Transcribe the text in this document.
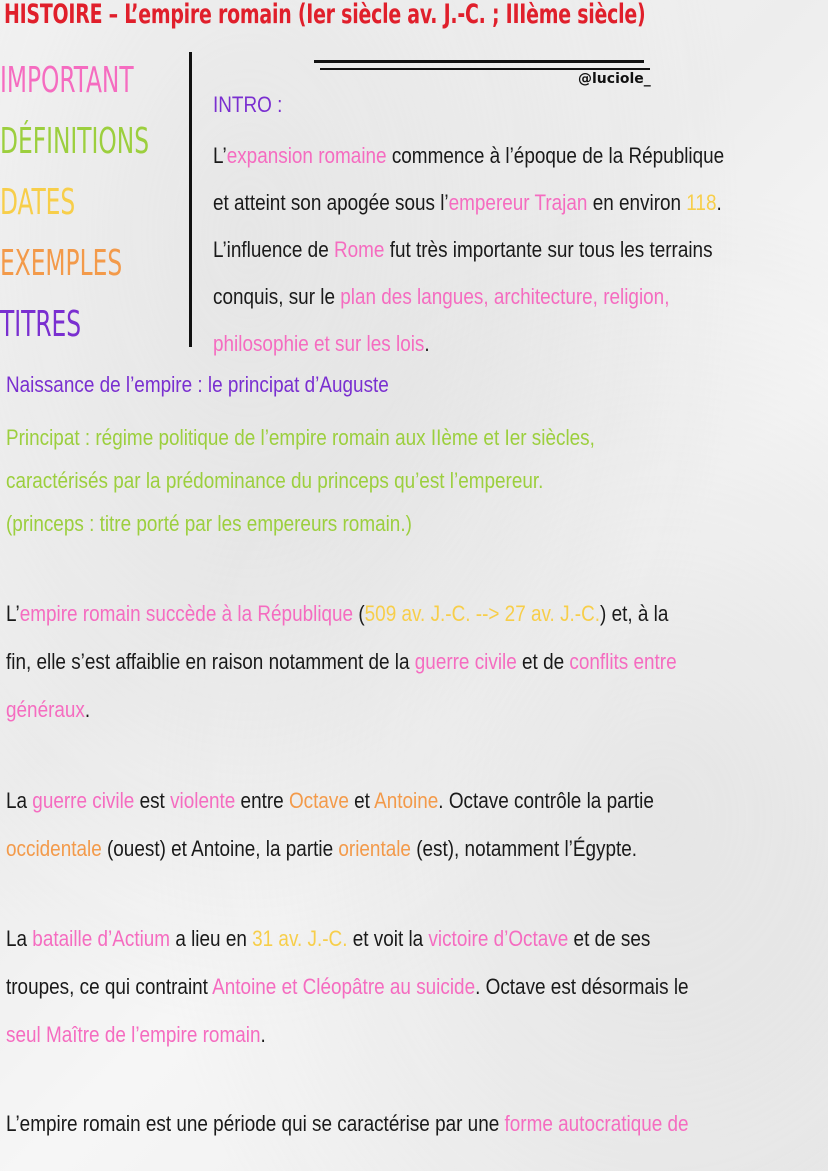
HISTOIRE – L’empire romain (Ier siècle av. J.-C. ; IIIème siècle)
IMPORTANT
DÉFINITIONS
DATES
EXEMPLES
TITRES
@luciole_
INTRO :
L’expansion romaine commence à l’époque de la République
et atteint son apogée sous l’empereur Trajan en environ 118.
L’influence de Rome fut très importante sur tous les terrains
conquis, sur le plan des langues, architecture, religion,
philosophie et sur les lois.
Naissance de l’empire : le principat d’Auguste
Principat : régime politique de l’empire romain aux IIème et Ier siècles,
caractérisés par la prédominance du princeps qu’est l’empereur.
(princeps : titre porté par les empereurs romain.)
L’empire romain succède à la République (509 av. J.-C. --> 27 av. J.-C.) et, à la
fin, elle s’est affaiblie en raison notamment de la guerre civile et de conflits entre
généraux.
La guerre civile est violente entre Octave et Antoine. Octave contrôle la partie
occidentale (ouest) et Antoine, la partie orientale (est), notamment l’Égypte.
La bataille d’Actium a lieu en 31 av. J.-C. et voit la victoire d’Octave et de ses
troupes, ce qui contraint Antoine et Cléopâtre au suicide. Octave est désormais le
seul Maître de l’empire romain.
L’empire romain est une période qui se caractérise par une forme autocratique de
